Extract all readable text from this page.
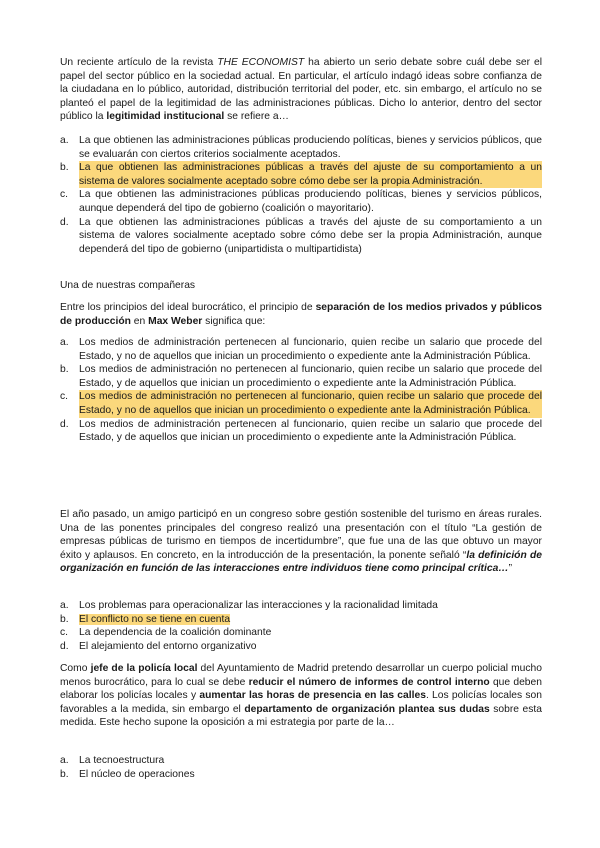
Un reciente artículo de la revista THE ECONOMIST ha abierto un serio debate sobre cuál debe ser el papel del sector público en la sociedad actual. En particular, el artículo indagó ideas sobre confianza de la ciudadana en lo público, autoridad, distribución territorial del poder, etc. sin embargo, el artículo no se planteó el papel de la legitimidad de las administraciones públicas. Dicho lo anterior, dentro del sector público la legitimidad institucional se refiere a…

a. La que obtienen las administraciones públicas produciendo políticas, bienes y servicios públicos, que se evaluarán con ciertos criterios socialmente aceptados.
b. La que obtienen las administraciones públicas a través del ajuste de su comportamiento a un sistema de valores socialmente aceptado sobre cómo debe ser la propia Administración.
c. La que obtienen las administraciones públicas produciendo políticas, bienes y servicios públicos, aunque dependerá del tipo de gobierno (coalición o mayoritario).
d. La que obtienen las administraciones públicas a través del ajuste de su comportamiento a un sistema de valores socialmente aceptado sobre cómo debe ser la propia Administración, aunque dependerá del tipo de gobierno (unipartidista o multipartidista)

Una de nuestras compañeras

Entre los principios del ideal burocrático, el principio de separación de los medios privados y públicos de producción en Max Weber significa que:

a. Los medios de administración pertenecen al funcionario, quien recibe un salario que procede del Estado, y no de aquellos que inician un procedimiento o expediente ante la Administración Pública.
b. Los medios de administración no pertenecen al funcionario, quien recibe un salario que procede del Estado, y de aquellos que inician un procedimiento o expediente ante la Administración Pública.
c. Los medios de administración no pertenecen al funcionario, quien recibe un salario que procede del Estado, y no de aquellos que inician un procedimiento o expediente ante la Administración Pública.
d. Los medios de administración pertenecen al funcionario, quien recibe un salario que procede del Estado, y de aquellos que inician un procedimiento o expediente ante la Administración Pública.

El año pasado, un amigo participó en un congreso sobre gestión sostenible del turismo en áreas rurales. Una de las ponentes principales del congreso realizó una presentación con el título “La gestión de empresas públicas de turismo en tiempos de incertidumbre”, que fue una de las que obtuvo un mayor éxito y aplausos. En concreto, en la introducción de la presentación, la ponente señaló “la definición de organización en función de las interacciones entre individuos tiene como principal crítica…”

a. Los problemas para operacionalizar las interacciones y la racionalidad limitada
b. El conflicto no se tiene en cuenta
c. La dependencia de la coalición dominante
d. El alejamiento del entorno organizativo

Como jefe de la policía local del Ayuntamiento de Madrid pretendo desarrollar un cuerpo policial mucho menos burocrático, para lo cual se debe reducir el número de informes de control interno que deben elaborar los policías locales y aumentar las horas de presencia en las calles. Los policías locales son favorables a la medida, sin embargo el departamento de organización plantea sus dudas sobre esta medida. Este hecho supone la oposición a mi estrategia por parte de la…

a. La tecnoestructura
b. El núcleo de operaciones
